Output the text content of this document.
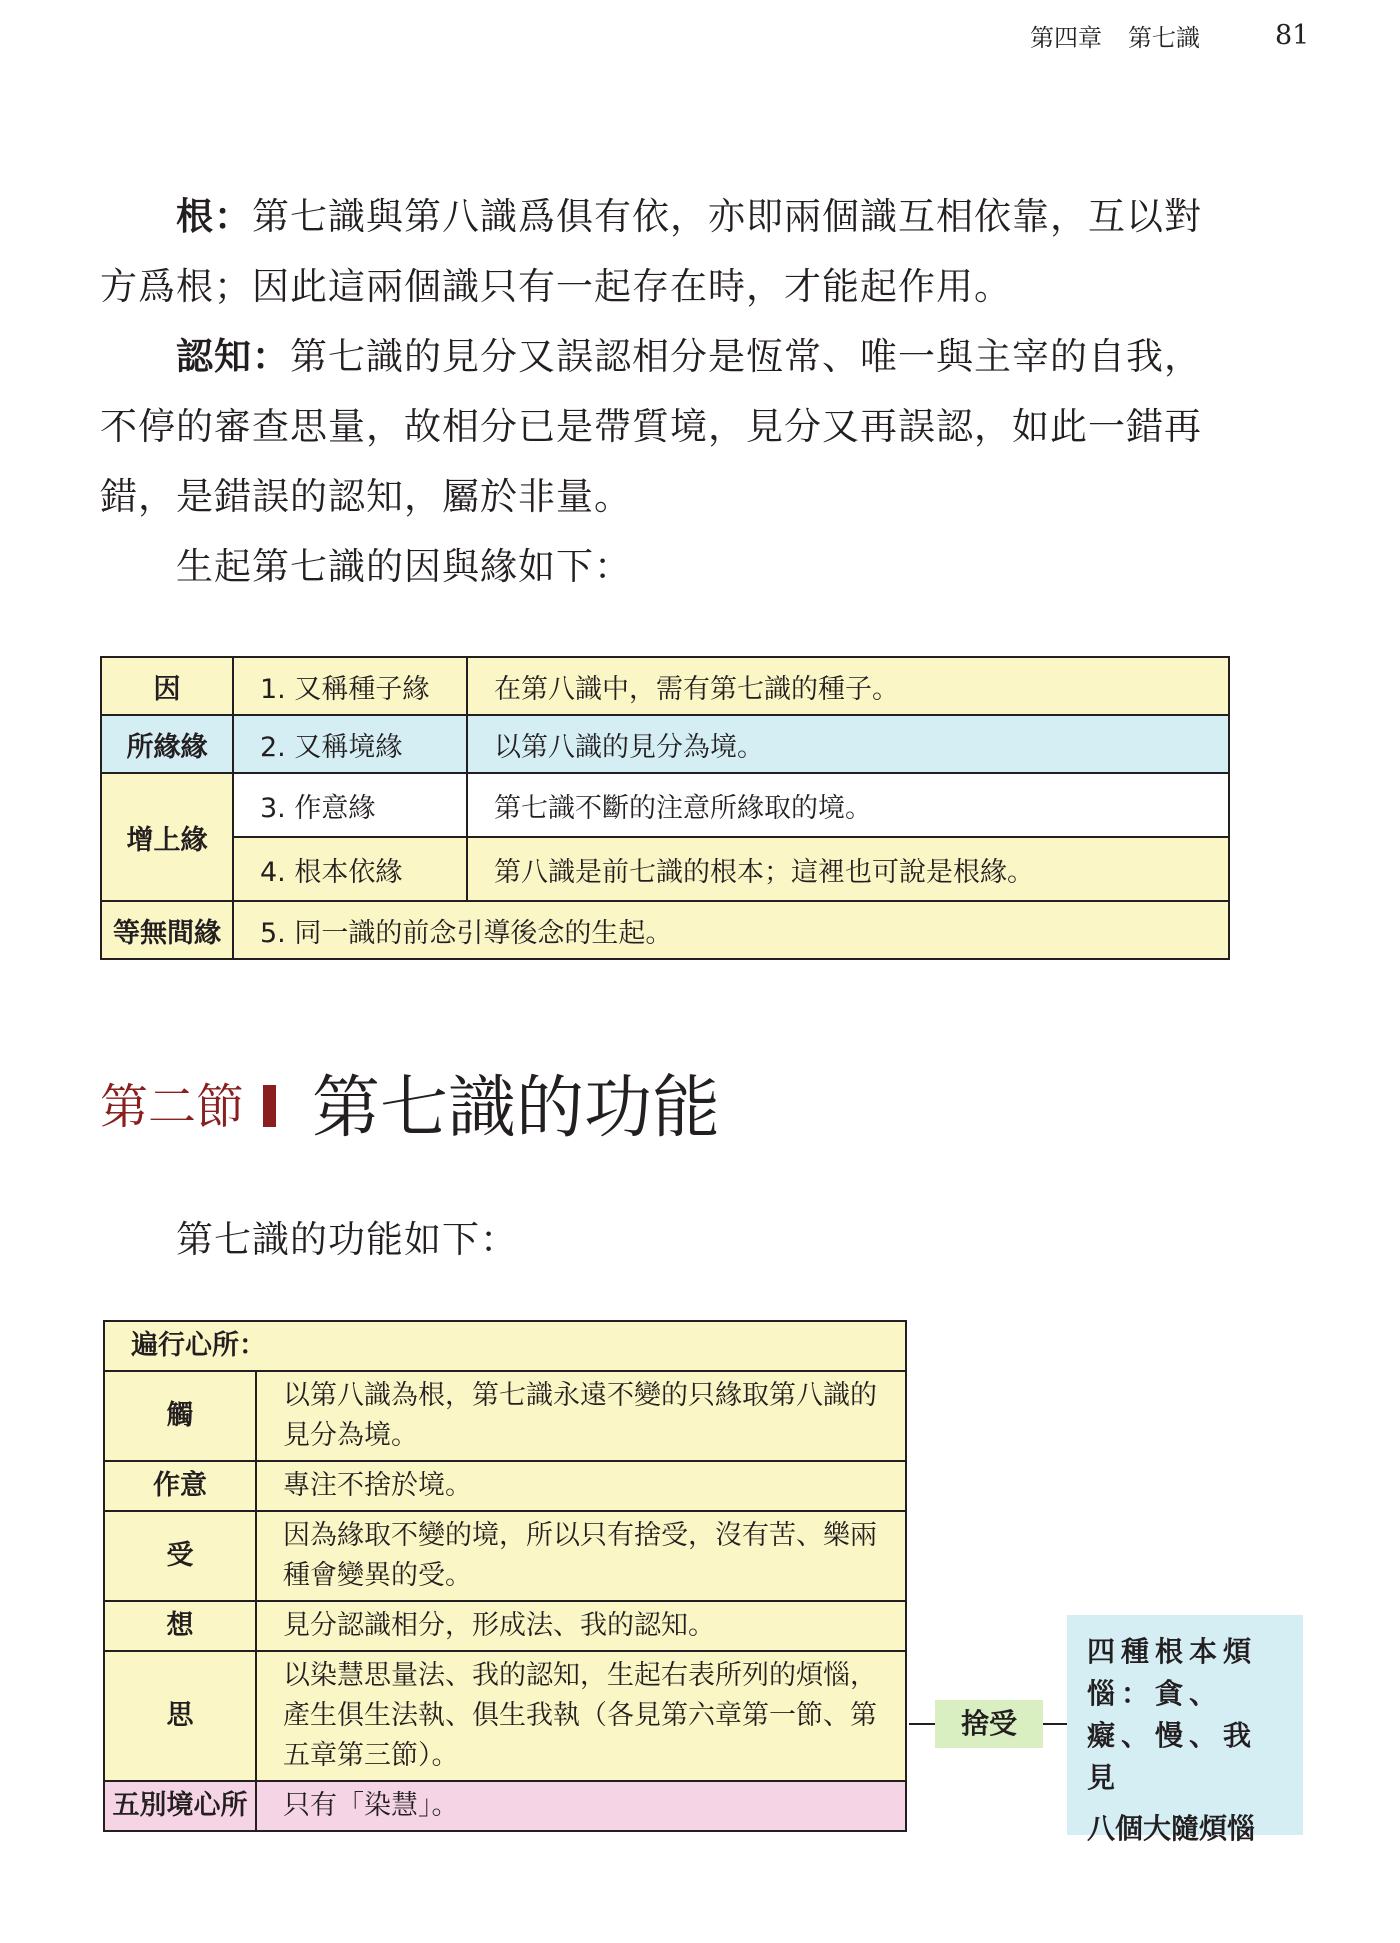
第四章 第七識	81
根：第七識與第八識爲俱有依，亦即兩個識互相依靠，互以對方爲根；因此這兩個識只有一起存在時，才能起作用。
認知：第七識的見分又誤認相分是恆常、唯一與主宰的自我，不停的審查思量，故相分已是帶質境，見分又再誤認，如此一錯再錯，是錯誤的認知，屬於非量。
生起第七識的因與緣如下：
因	1. 又稱種子緣	在第八識中，需有第七識的種子。
所緣緣	2. 又稱境緣	以第八識的見分為境。
增上緣	3. 作意緣	第七識不斷的注意所緣取的境。
	4. 根本依緣	第八識是前七識的根本；這裡也可說是根緣。
等無間緣	5. 同一識的前念引導後念的生起。	
第二節 第七識的功能
第七識的功能如下：
遍行心所：	
觸	以第八識為根，第七識永遠不變的只緣取第八識的見分為境。
作意	專注不捨於境。
受	因為緣取不變的境，所以只有捨受，沒有苦、樂兩種會變異的受。
想	見分認識相分，形成法、我的認知。
思	以染慧思量法、我的認知，生起右表所列的煩惱，產生俱生法執、俱生我執（各見第六章第一節、第五章第三節）。
五別境心所	只有「染慧」。
捨受
四種根本煩惱：貪、癡、慢、我見
八個大隨煩惱
